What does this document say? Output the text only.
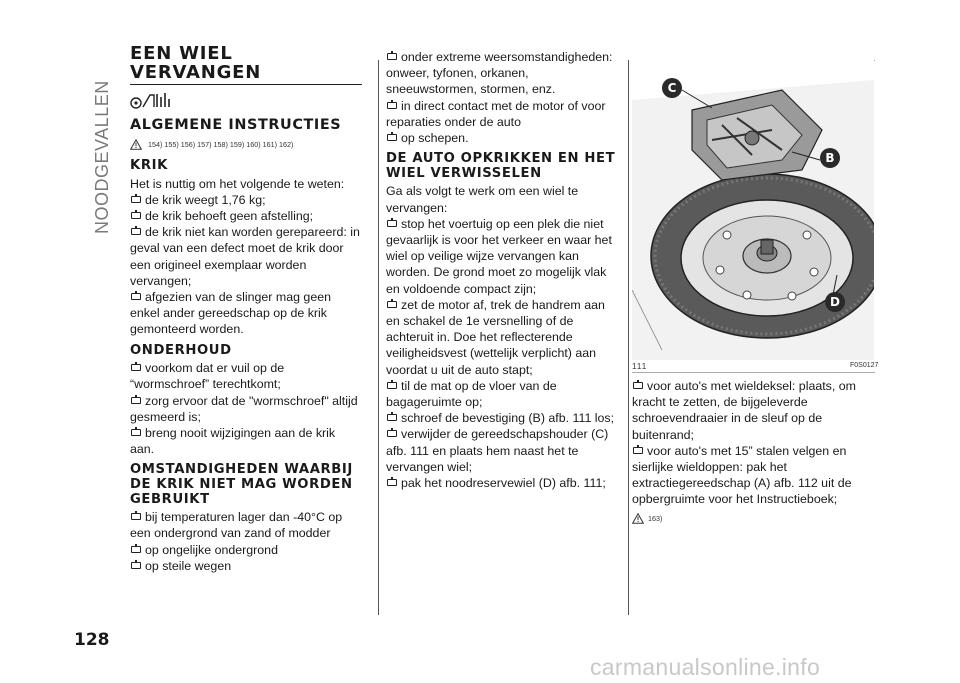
NOODGEVALLEN
EEN WIEL
VERVANGEN
ALGEMENE INSTRUCTIES
154) 155) 156) 157) 158) 159) 160) 161) 162)
KRIK

Het is nuttig om het volgende te weten:

de krik weegt 1,76 kg;

de krik behoeft geen afstelling;

de krik niet kan worden gerepareerd: in geval van een defect moet de krik door een origineel exemplaar worden vervangen;

afgezien van de slinger mag geen enkel ander gereedschap op de krik gemonteerd worden.

ONDERHOUD

voorkom dat er vuil op de “wormschroef” terechtkomt;

zorg ervoor dat de "wormschroef" altijd gesmeerd is;

breng nooit wijzigingen aan de krik aan.

OMSTANDIGHEDEN WAARBIJ DE KRIK NIET MAG WORDEN GEBRUIKT

bij temperaturen lager dan -40°C op een ondergrond van zand of modder

op ongelijke ondergrond

op steile wegen

onder extreme weersomstandigheden: onweer, tyfonen, orkanen, sneeuwstormen, stormen, enz.

in direct contact met de motor of voor reparaties onder de auto

op schepen.

DE AUTO OPKRIKKEN EN HET WIEL VERWISSELEN

Ga als volgt te werk om een wiel te vervangen:

stop het voertuig op een plek die niet gevaarlijk is voor het verkeer en waar het wiel op veilige wijze vervangen kan worden. De grond moet zo mogelijk vlak en voldoende compact zijn;

zet de motor af, trek de handrem aan en schakel de 1e versnelling of de achteruit in. Doe het reflecterende veiligheidsvest (wettelijk verplicht) aan voordat u uit de auto stapt;

til de mat op de vloer van de bagageruimte op;

schroef de bevestiging (B) afb. 111 los;

verwijder de gereedschapshouder (C) afb. 111 en plaats hem naast het te vervangen wiel;

pak het noodreservewiel (D) afb. 111;

C
B
D
111	F0S0127

voor auto's met wieldeksel: plaats, om kracht te zetten, de bijgeleverde schroevendraaier in de sleuf op de buitenrand;

voor auto's met 15” stalen velgen en sierlijke wieldoppen: pak het extractiegereedschap (A) afb. 112 uit de opbergruimte voor het Instructieboek;

163)
128
carmanualsonline.info
